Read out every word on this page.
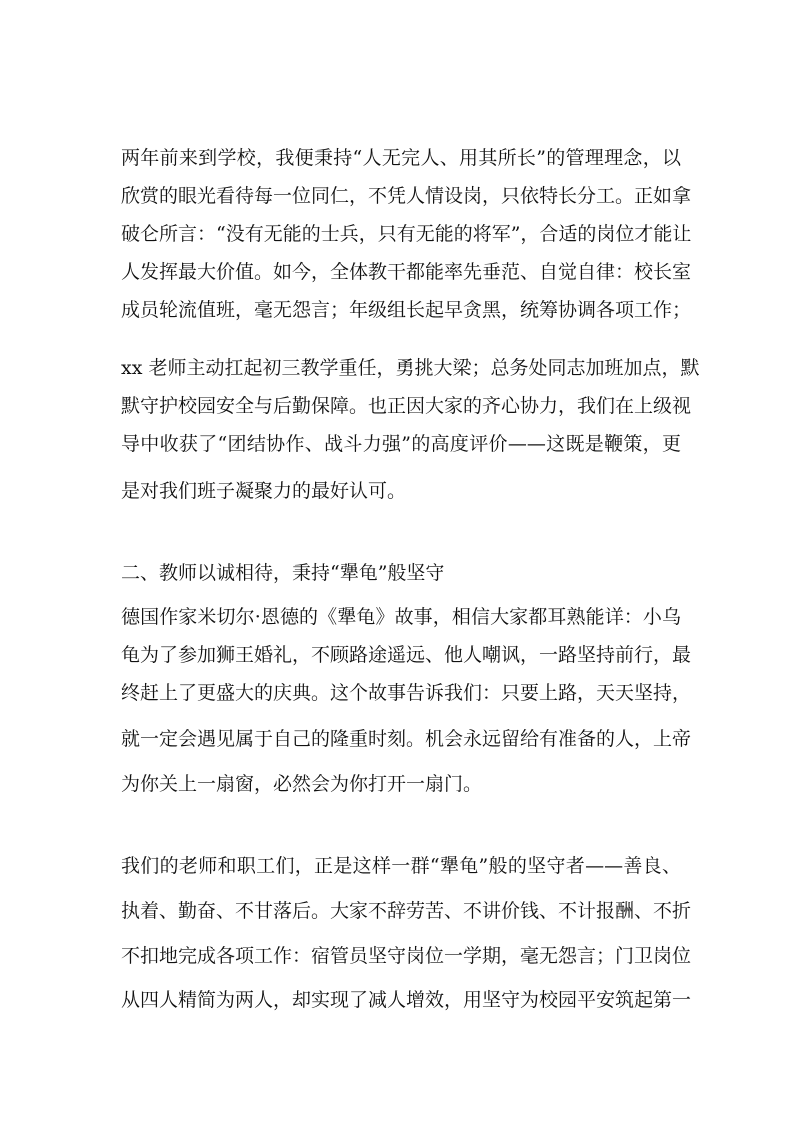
两年前来到学校，我便秉持“人无完人、用其所长”的管理理念，以
欣赏的眼光看待每一位同仁，不凭人情设岗，只依特长分工。正如拿
破仑所言：“没有无能的士兵，只有无能的将军”，合适的岗位才能让
人发挥最大价值。如今，全体教干都能率先垂范、自觉自律：校长室
成员轮流值班，毫无怨言；年级组长起早贪黑，统筹协调各项工作；
xx 老师主动扛起初三教学重任，勇挑大梁；总务处同志加班加点，默
默守护校园安全与后勤保障。也正因大家的齐心协力，我们在上级视
导中收获了“团结协作、战斗力强”的高度评价——这既是鞭策，更
是对我们班子凝聚力的最好认可。
二、教师以诚相待，秉持“犟龟”般坚守
德国作家米切尔·恩德的《犟龟》故事，相信大家都耳熟能详：小乌
龟为了参加狮王婚礼，不顾路途遥远、他人嘲讽，一路坚持前行，最
终赶上了更盛大的庆典。这个故事告诉我们：只要上路，天天坚持，
就一定会遇见属于自己的隆重时刻。机会永远留给有准备的人，上帝
为你关上一扇窗，必然会为你打开一扇门。
我们的老师和职工们，正是这样一群“犟龟”般的坚守者——善良、
执着、勤奋、不甘落后。大家不辞劳苦、不讲价钱、不计报酬、不折
不扣地完成各项工作：宿管员坚守岗位一学期，毫无怨言；门卫岗位
从四人精简为两人，却实现了减人增效，用坚守为校园平安筑起第一
